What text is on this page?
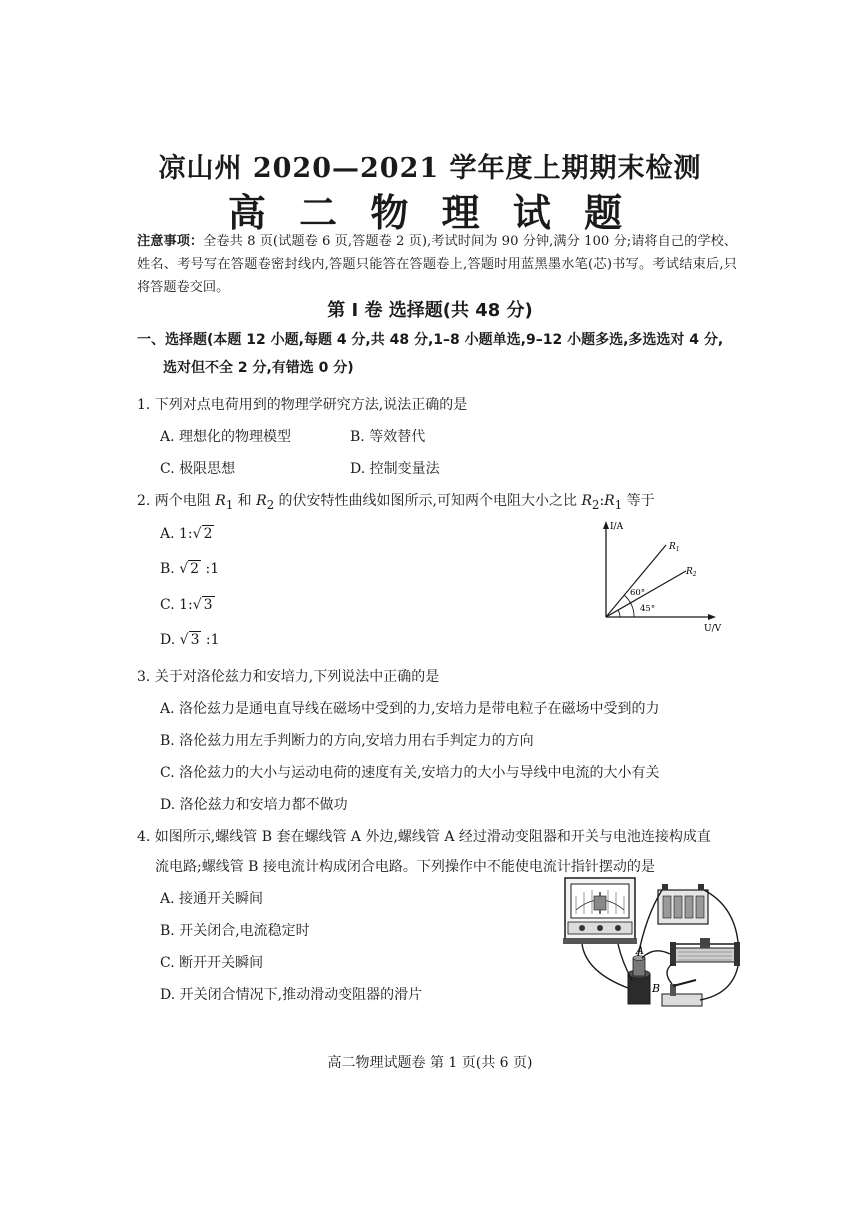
凉山州 2020—2021 学年度上期期末检测
高 二 物 理 试 题
注意事项：全卷共 8 页(试题卷 6 页,答题卷 2 页),考试时间为 90 分钟,满分 100 分;请将自己的学校、姓名、考号写在答题卷密封线内,答题只能答在答题卷上,答题时用蓝黑墨水笔(芯)书写。考试结束后,只将答题卷交回。
第 Ⅰ 卷 选择题(共 48 分)
一、选择题(本题 12 小题,每题 4 分,共 48 分,1–8 小题单选,9–12 小题多选,多选选对 4 分,
选对但不全 2 分,有错选 0 分)
1. 下列对点电荷用到的物理学研究方法,说法正确的是
A. 理想化的物理模型	B. 等效替代
C. 极限思想	D. 控制变量法
2. 两个电阻 $R_1$ 和 $R_2$ 的伏安特性曲线如图所示,可知两个电阻大小之比 $R_2:R_1$ 等于
A. 1:√ 2
B. √ 2 :1
C. 1:√ 3
D. √ 3 :1
I/A
U/V
$R_1$
$R_2$
60°
45°
3. 关于对洛伦兹力和安培力,下列说法中正确的是
A. 洛伦兹力是通电直导线在磁场中受到的力,安培力是带电粒子在磁场中受到的力
B. 洛伦兹力用左手判断力的方向,安培力用右手判定力的方向
C. 洛伦兹力的大小与运动电荷的速度有关,安培力的大小与导线中电流的大小有关
D. 洛伦兹力和安培力都不做功
4. 如图所示,螺线管 B 套在螺线管 A 外边,螺线管 A 经过滑动变阻器和开关与电池连接构成直
流电路;螺线管 B 接电流计构成闭合电路。下列操作中不能使电流计指针摆动的是
A. 接通开关瞬间
B. 开关闭合,电流稳定时
C. 断开开关瞬间
D. 开关闭合情况下,推动滑动变阻器的滑片
A
B
高二物理试题卷 第 1 页(共 6 页)
